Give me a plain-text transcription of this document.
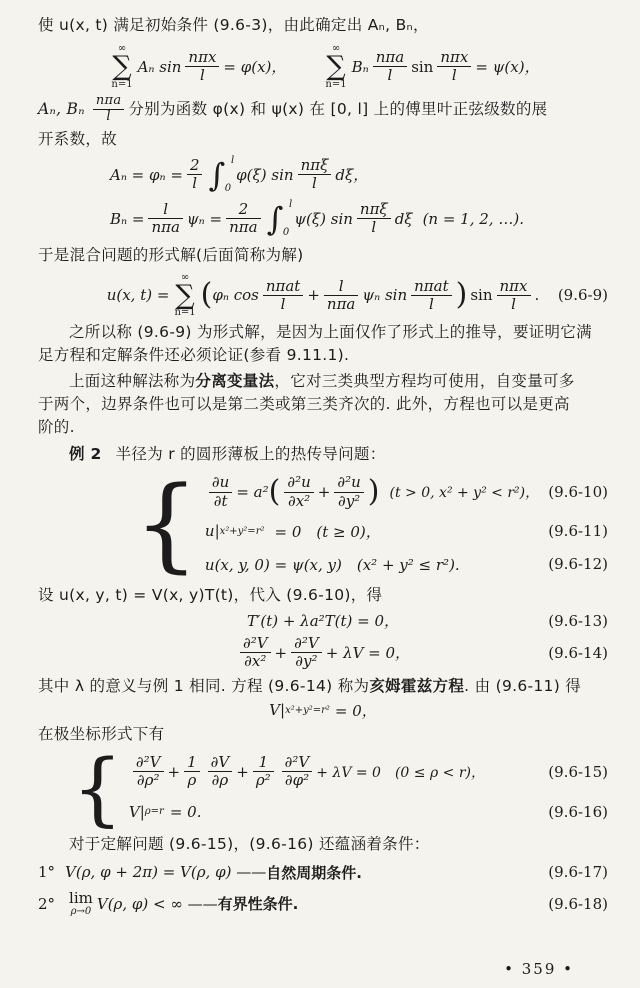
使 u(x, t) 满足初始条件 (9.6-3)，由此确定出 Aₙ, Bₙ，
∞
∑
n=1
Aₙ sin
nπx
l	= φ(x)，
∞
∑
n=1
Bₙ
nπa
l	sin
nπx
l	= ψ(x)，
Aₙ, Bₙ nπa
l	分别为函数 φ(x) 和 ψ(x) 在 [0, l] 上的傅里叶正弦级数的展
开系数，故
$A_n = \varphi_n = \frac{2}{l}$ ∫ l
0
φ(ξ) sin
nπξ
l	dξ，
Bₙ =
l
nπa ψₙ =
2
nπa ∫ l
0
ψ(ξ) sin
nπξ
l	dξ (n = 1, 2, …).
于是混合问题的形式解(后面简称为解)
u(x, t) =
∞
∑
n=1
( φₙ cos
nπat
l	+
l
nπa ψₙ sin
nπat
l ) sin
nπx
l	. (9.6-9)
之所以称 (9.6-9) 为形式解，是因为上面仅作了形式上的推导，要证明它满
足方程和定解条件还必须论证(参看 9.11.1).
上面这种解法称为分离变量法，它对三类典型方程均可使用，自变量可多
于两个，边界条件也可以是第二类或第三类齐次的. 此外，方程也可以是更高
阶的.
例 2 半径为 r 的圆形薄板上的热传导问题：
{ $\frac{\partial u}{\partial t} = a^2$ ( $\frac{\text{∂²u}}{\text{∂x²}} + \frac{\text{∂²u}}{\text{∂y²}}$ ) (t > 0, x² + y² < r²)， (9.6-10)
u| x²+y²=r² = 0　(t ≥ 0)，	(9.6-11)
u(x, y, 0) = ψ(x, y)　(x² + y² ≤ r²).	(9.6-12)
设 u(x, y, t) = V(x, y)T(t)，代入 (9.6-10)，得
T′(t) + λa²T(t) = 0，	(9.6-13)
$\frac{\text{∂²V}}{\text{∂x²}} + \frac{\text{∂²V}}{\text{∂y²}} + \lambda V = 0$，	(9.6-14)
其中 λ 的意义与例 1 相同. 方程 (9.6-14) 称为亥姆霍兹方程. 由 (9.6-11) 得
V| x²+y²=r² = 0，
在极坐标形式下有
{ $\frac{\text{∂²V}}{\text{∂ρ²}} + \frac{1}{\rho} \frac{\partial V}{\partial\rho} + \frac{1}{\text{ρ²}} \frac{\text{∂²V}}{\text{∂φ²}} + \lambda V = 0$　(0 ≤ ρ < r)，	(9.6-15)
V| ρ=r = 0.	(9.6-16)
对于定解问题 (9.6-15)，(9.6-16) 还蕴涵着条件：
1° V(ρ, φ + 2π) = V(ρ, φ) —— 自然周期条件.	(9.6-17)
2° lim
ρ→0 V(ρ, φ) < ∞ —— 有界性条件.	(9.6-18)
• 359 •
